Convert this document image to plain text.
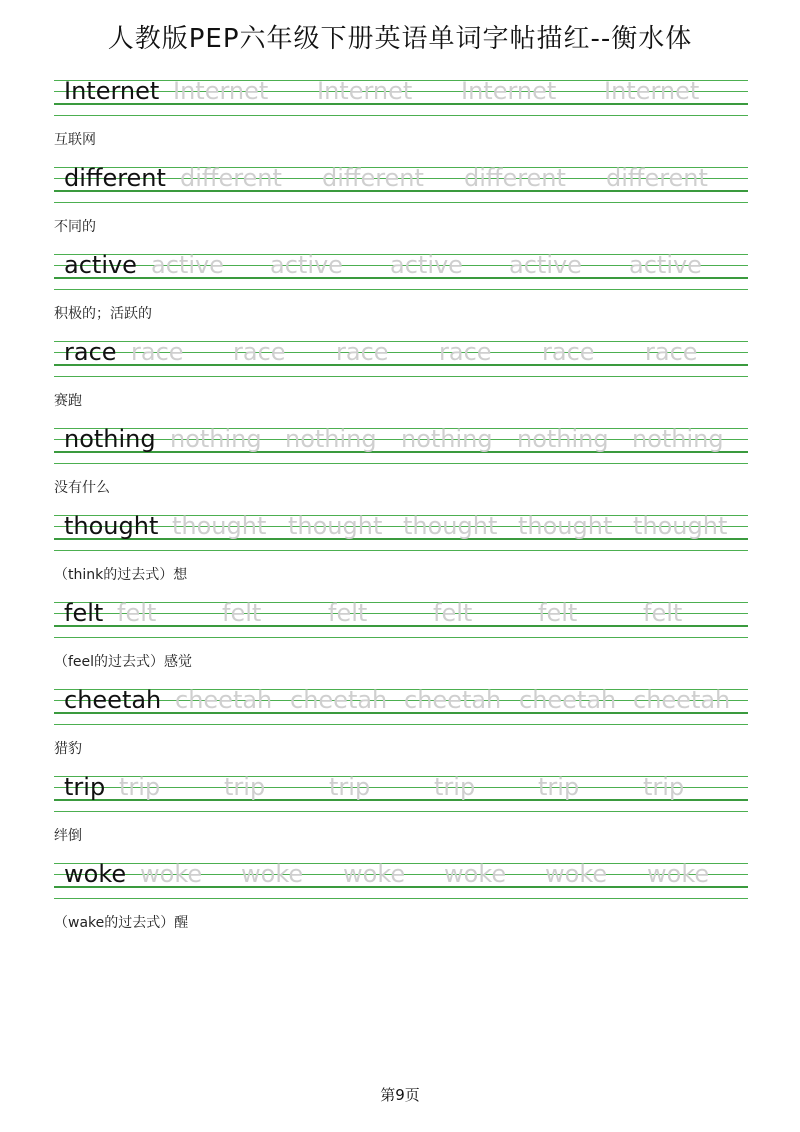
人教版PEP六年级下册英语单词字帖描红--衡水体
Internet Internet Internet Internet Internet
互联网
different different different different different
不同的
active active active active active active
积极的；活跃的
race race race race race race race
赛跑
nothing nothing nothing nothing nothing nothing
没有什么
thought thought thought thought thought thought
（think的过去式）想
felt felt	felt	felt	felt	felt	felt
（feel的过去式）感觉
cheetah cheetah cheetah cheetah cheetah cheetah
猎豹
trip trip	trip	trip	trip	trip	trip
绊倒
woke woke woke woke woke woke woke
（wake的过去式）醒
第9页
